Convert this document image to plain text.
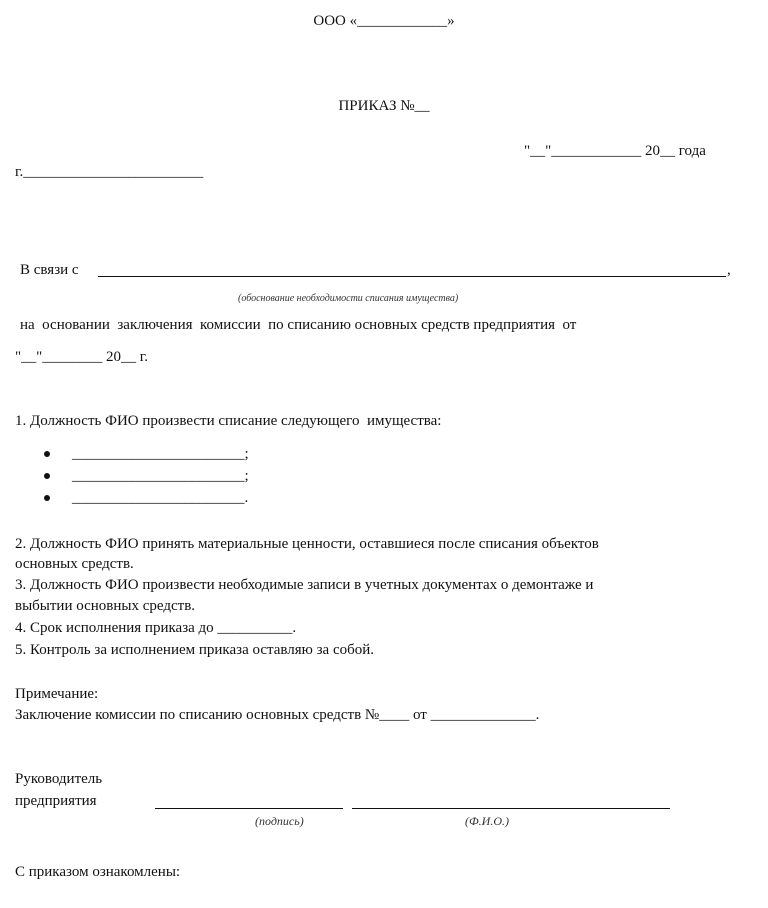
ООО «____________»
ПРИКАЗ №__
"__"____________ 20__ года
г.________________________
В связи с	,
(обоснование необходимости списания имущества)
на  основании  заключения  комиссии  по списанию основных средств предприятия  от
"__"________ 20__ г.
1. Должность ФИО произвести списание следующего  имущества:
_______________________;
_______________________;
_______________________.
2. Должность ФИО принять материальные ценности, оставшиеся после списания объектов
основных средств.
3. Должность ФИО произвести необходимые записи в учетных документах о демонтаже и
выбытии основных средств.
4. Срок исполнения приказа до __________.
5. Контроль за исполнением приказа оставляю за собой.
Примечание:
Заключение комиссии по списанию основных средств №____ от ______________.
Руководитель
предприятия
(подпись)	(Ф.И.О.)
С приказом ознакомлены:
